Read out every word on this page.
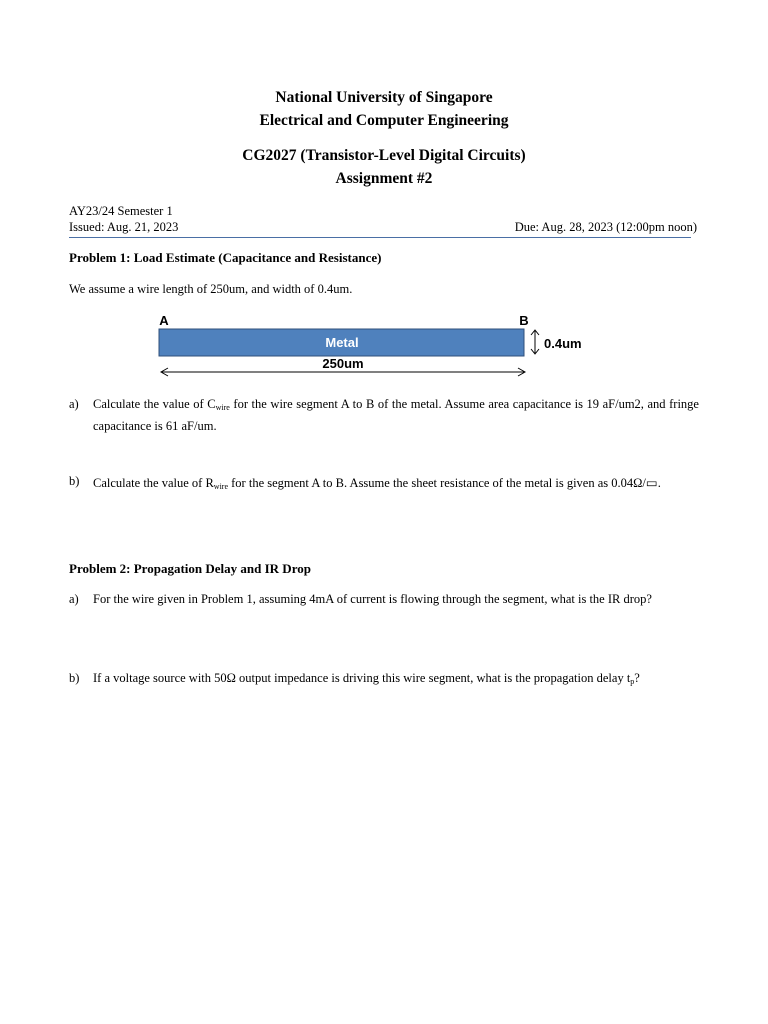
National University of Singapore
Electrical and Computer Engineering
CG2027 (Transistor-Level Digital Circuits)
Assignment #2
AY23/24 Semester 1
Issued: Aug. 21, 2023	Due: Aug. 28, 2023 (12:00pm noon)
Problem 1: Load Estimate (Capacitance and Resistance)
We assume a wire length of 250um, and width of 0.4um.
A	B
Metal	0.4um
250um
a) Calculate the value of $C_{wire}$ for the wire segment A to B of the metal. Assume area capacitance is 19 aF/um2, and fringe capacitance is 61 aF/um.
b) Calculate the value of $R_{wire}$ for the segment A to B. Assume the sheet resistance of the metal is given as 0.04Ω/▭.
Problem 2: Propagation Delay and IR Drop
a) For the wire given in Problem 1, assuming 4mA of current is flowing through the segment, what is the IR drop?
b) If a voltage source with 50Ω output impedance is driving this wire segment, what is the propagation delay $t_p$?
